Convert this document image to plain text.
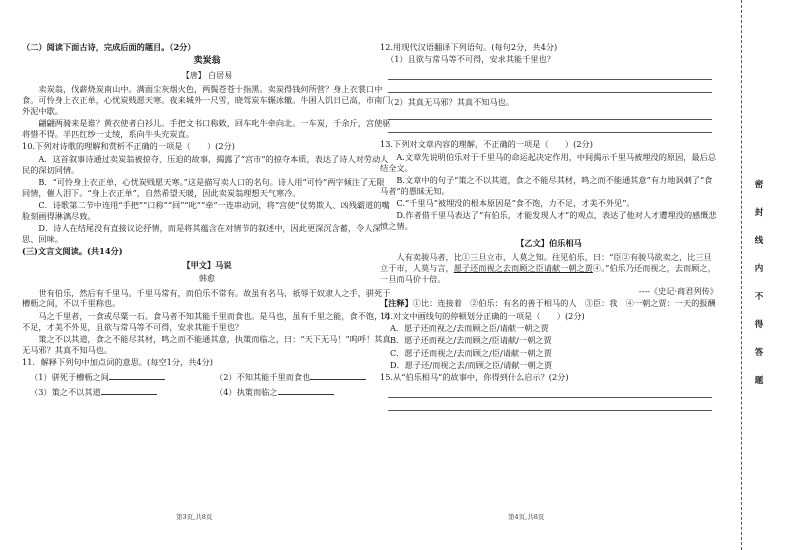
（二）阅读下面古诗，完成后面的题目。（2分）
卖炭翁
【唐】 白居易
卖炭翁，伐薪烧炭南山中。满面尘灰烟火色，两鬓苍苍十指黑。卖炭得钱何所营？身上衣裳口中食。可怜身上衣正单，心忧炭贱愿天寒。夜来城外一尺雪，晓驾炭车辗冰辙。牛困人饥日已高，市南门外泥中歇。
翩翩两骑来是谁？黄衣使者白衫儿。手把文书口称敕，回车叱牛牵向北。一车炭，千余斤，宫使驱将惜不得。半匹红纱一丈绫，系向牛头充炭直。
10.下列对诗歌的理解和赏析不正确的一项是（　　）(2分)
A．这首叙事诗通过卖炭翁被掠夺、压迫的故事，揭露了“宫市”的掠夺本质，表达了诗人对劳动人民的深切同情。
B．“可怜身上衣正单，心忧炭贱愿天寒。”这是描写卖人口的名句。诗人用“可怜”两字倾注了无限同情，催人泪下。“身上衣正单”，自然希望天暖，因此卖炭翁理想天气寒冷。
C．诗歌第二节中连用“手把”“口称”“回”“叱”“牵”一连串动词，将“宫使”仗势欺人、凶残霸道的嘴脸刻画得淋漓尽致。
D．诗人在结尾没有直接议论抒情，而是将其蕴含在对情节的叙述中，因此更深沉含蓄，令人深思、回味。
(三)文言文阅读。(共14分)
【甲文】马说
韩愈
世有伯乐，然后有千里马。千里马常有，而伯乐不常有。故虽有名马，祇辱于奴隶人之手，骈死于槽枥之间，不以千里称也。
马之千里者，一食或尽粟一石。食马者不知其能千里而食也。是马也，虽有千里之能，食不饱，力不足，才美不外见，且欲与常马等不可得，安求其能千里也？
策之不以其道，食之不能尽其材，鸣之而不能通其意，执策而临之，曰：“天下无马！”呜呼！其真无马邪？其真不知马也。
11．解释下列句中加点词的意思。(每空1分，共4分)
（1）骈死于槽枥之间	（2）不知其能千里而食也
（3）策之不以其道	（4）执策而临之
第3页,共8页
12.用现代汉语翻译下列语句。(每句2分，共4分)
（1）且欲与常马等不可得，安求其能千里也？
（2）其真无马邪？其真不知马也。
13.下列对文章内容的理解，不正确的一项是（　　）(2分)
A.文章先说明伯乐对于千里马的命运起决定作用，中间揭示千里马被埋没的原因，最后总结全文。
B.文章中的句子“策之不以其道，食之不能尽其材，鸣之而不能通其意”有力地讽刺了“食马者”的愚昧无知。
C.“千里马”被埋没的根本原因是“食不饱，力不足，才美不外见”。
D.作者借千里马表达了“有伯乐，才能发现人才”的观点，表达了他对人才遭埋没的感慨悲愤之情。
【乙文】伯乐相马
人有卖骏马者，比①三旦立市，人莫之知。往见伯乐，曰：“臣②有骏马欲卖之，比三旦立于市，人莫与言，愿子还而视之去而顾之臣请献一朝之贾④。”伯乐乃还而视之，去而顾之，一旦而马价十倍。
----《史记·商君列传》
【注释】①比：连接着　②伯乐：有名的善于相马的人　③臣：我　④一朝之贾：一天的报酬
14.对文中画线句的停顿划分正确的一项是（　　）(2分)
A．愿子还而视之/去而顾之臣/请献一朝之贾
B．愿子还而视之/去而顾之/臣请献/一朝之贾
C．愿子还而视之/去而顾之/臣/请献一朝之贾
D．愿子还/而视之去/而顾之臣/请献一朝之贾
15.从“伯乐相马”的故事中，你得到什么启示？(2分)
第4页,共8页
密
封
线
内
不
得
答
题
